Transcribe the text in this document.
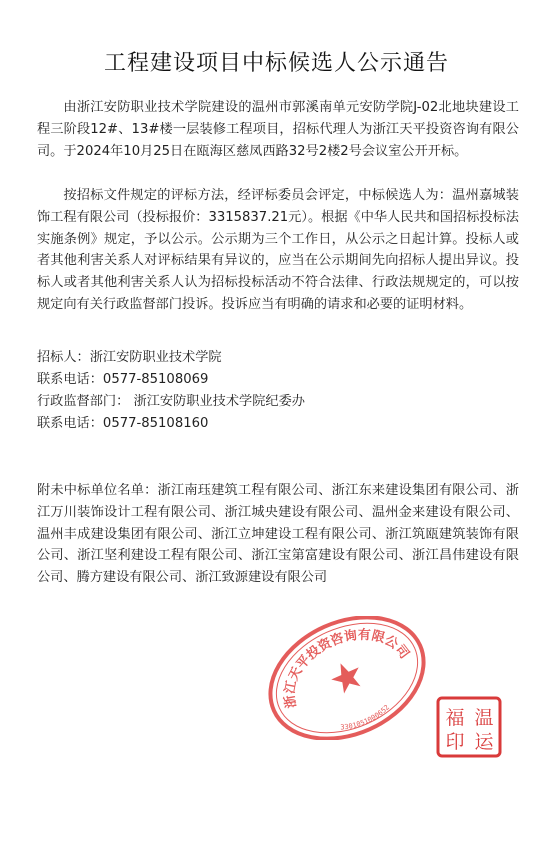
工程建设项目中标候选人公示通告

由浙江安防职业技术学院建设的温州市郭溪南单元安防学院J-02北地块建设工程三阶段12#、13#楼一层装修工程项目，招标代理人为浙江天平投资咨询有限公司。于2024年10月25日在瓯海区慈凤西路32号2楼2号会议室公开开标。

按招标文件规定的评标方法，经评标委员会评定，中标候选人为：温州嘉城装饰工程有限公司（投标报价：3315837.21元）。根据《中华人民共和国招标投标法实施条例》规定，予以公示。公示期为三个工作日，从公示之日起计算。投标人或者其他利害关系人对评标结果有异议的，应当在公示期间先向招标人提出异议。投标人或者其他利害关系人认为招标投标活动不符合法律、行政法规规定的，可以按规定向有关行政监督部门投诉。投诉应当有明确的请求和必要的证明材料。

招标人：浙江安防职业技术学院
联系电话：0577-85108069
行政监督部门： 浙江安防职业技术学院纪委办
联系电话：0577-85108160

附未中标单位名单：浙江南珏建筑工程有限公司、浙江东来建设集团有限公司、浙江万川装饰设计工程有限公司、浙江城央建设有限公司、温州金来建设有限公司、温州丰成建设集团有限公司、浙江立坤建设工程有限公司、浙江筑瓯建筑装饰有限公司、浙江坚利建设工程有限公司、浙江宝第富建设有限公司、浙江昌伟建设有限公司、腾方建设有限公司、浙江致源建设有限公司

浙江天平投资咨询有限公司
3301051000652	温
运
福
印
